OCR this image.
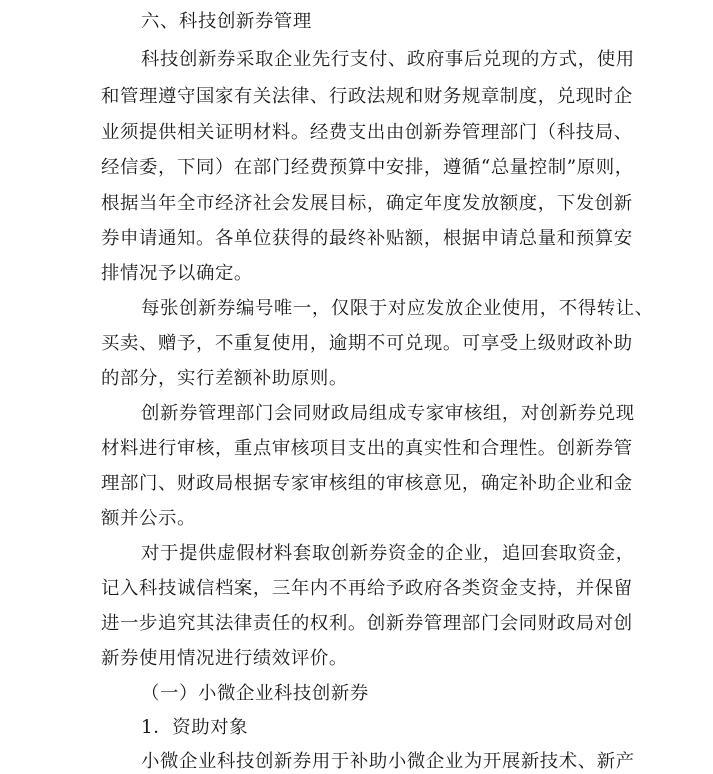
六、科技创新券管理
科技创新券采取企业先行支付、政府事后兑现的方式，使用
和管理遵守国家有关法律、行政法规和财务规章制度，兑现时企
业须提供相关证明材料。经费支出由创新券管理部门（科技局、
经信委，下同）在部门经费预算中安排，遵循“总量控制”原则，
根据当年全市经济社会发展目标，确定年度发放额度，下发创新
券申请通知。各单位获得的最终补贴额，根据申请总量和预算安
排情况予以确定。
每张创新券编号唯一，仅限于对应发放企业使用，不得转让、
买卖、赠予，不重复使用，逾期不可兑现。可享受上级财政补助
的部分，实行差额补助原则。
创新券管理部门会同财政局组成专家审核组，对创新券兑现
材料进行审核，重点审核项目支出的真实性和合理性。创新券管
理部门、财政局根据专家审核组的审核意见，确定补助企业和金
额并公示。
对于提供虚假材料套取创新券资金的企业，追回套取资金，
记入科技诚信档案，三年内不再给予政府各类资金支持，并保留
进一步追究其法律责任的权利。创新券管理部门会同财政局对创
新券使用情况进行绩效评价。
（一）小微企业科技创新券
1．资助对象
小微企业科技创新券用于补助小微企业为开展新技术、新产
